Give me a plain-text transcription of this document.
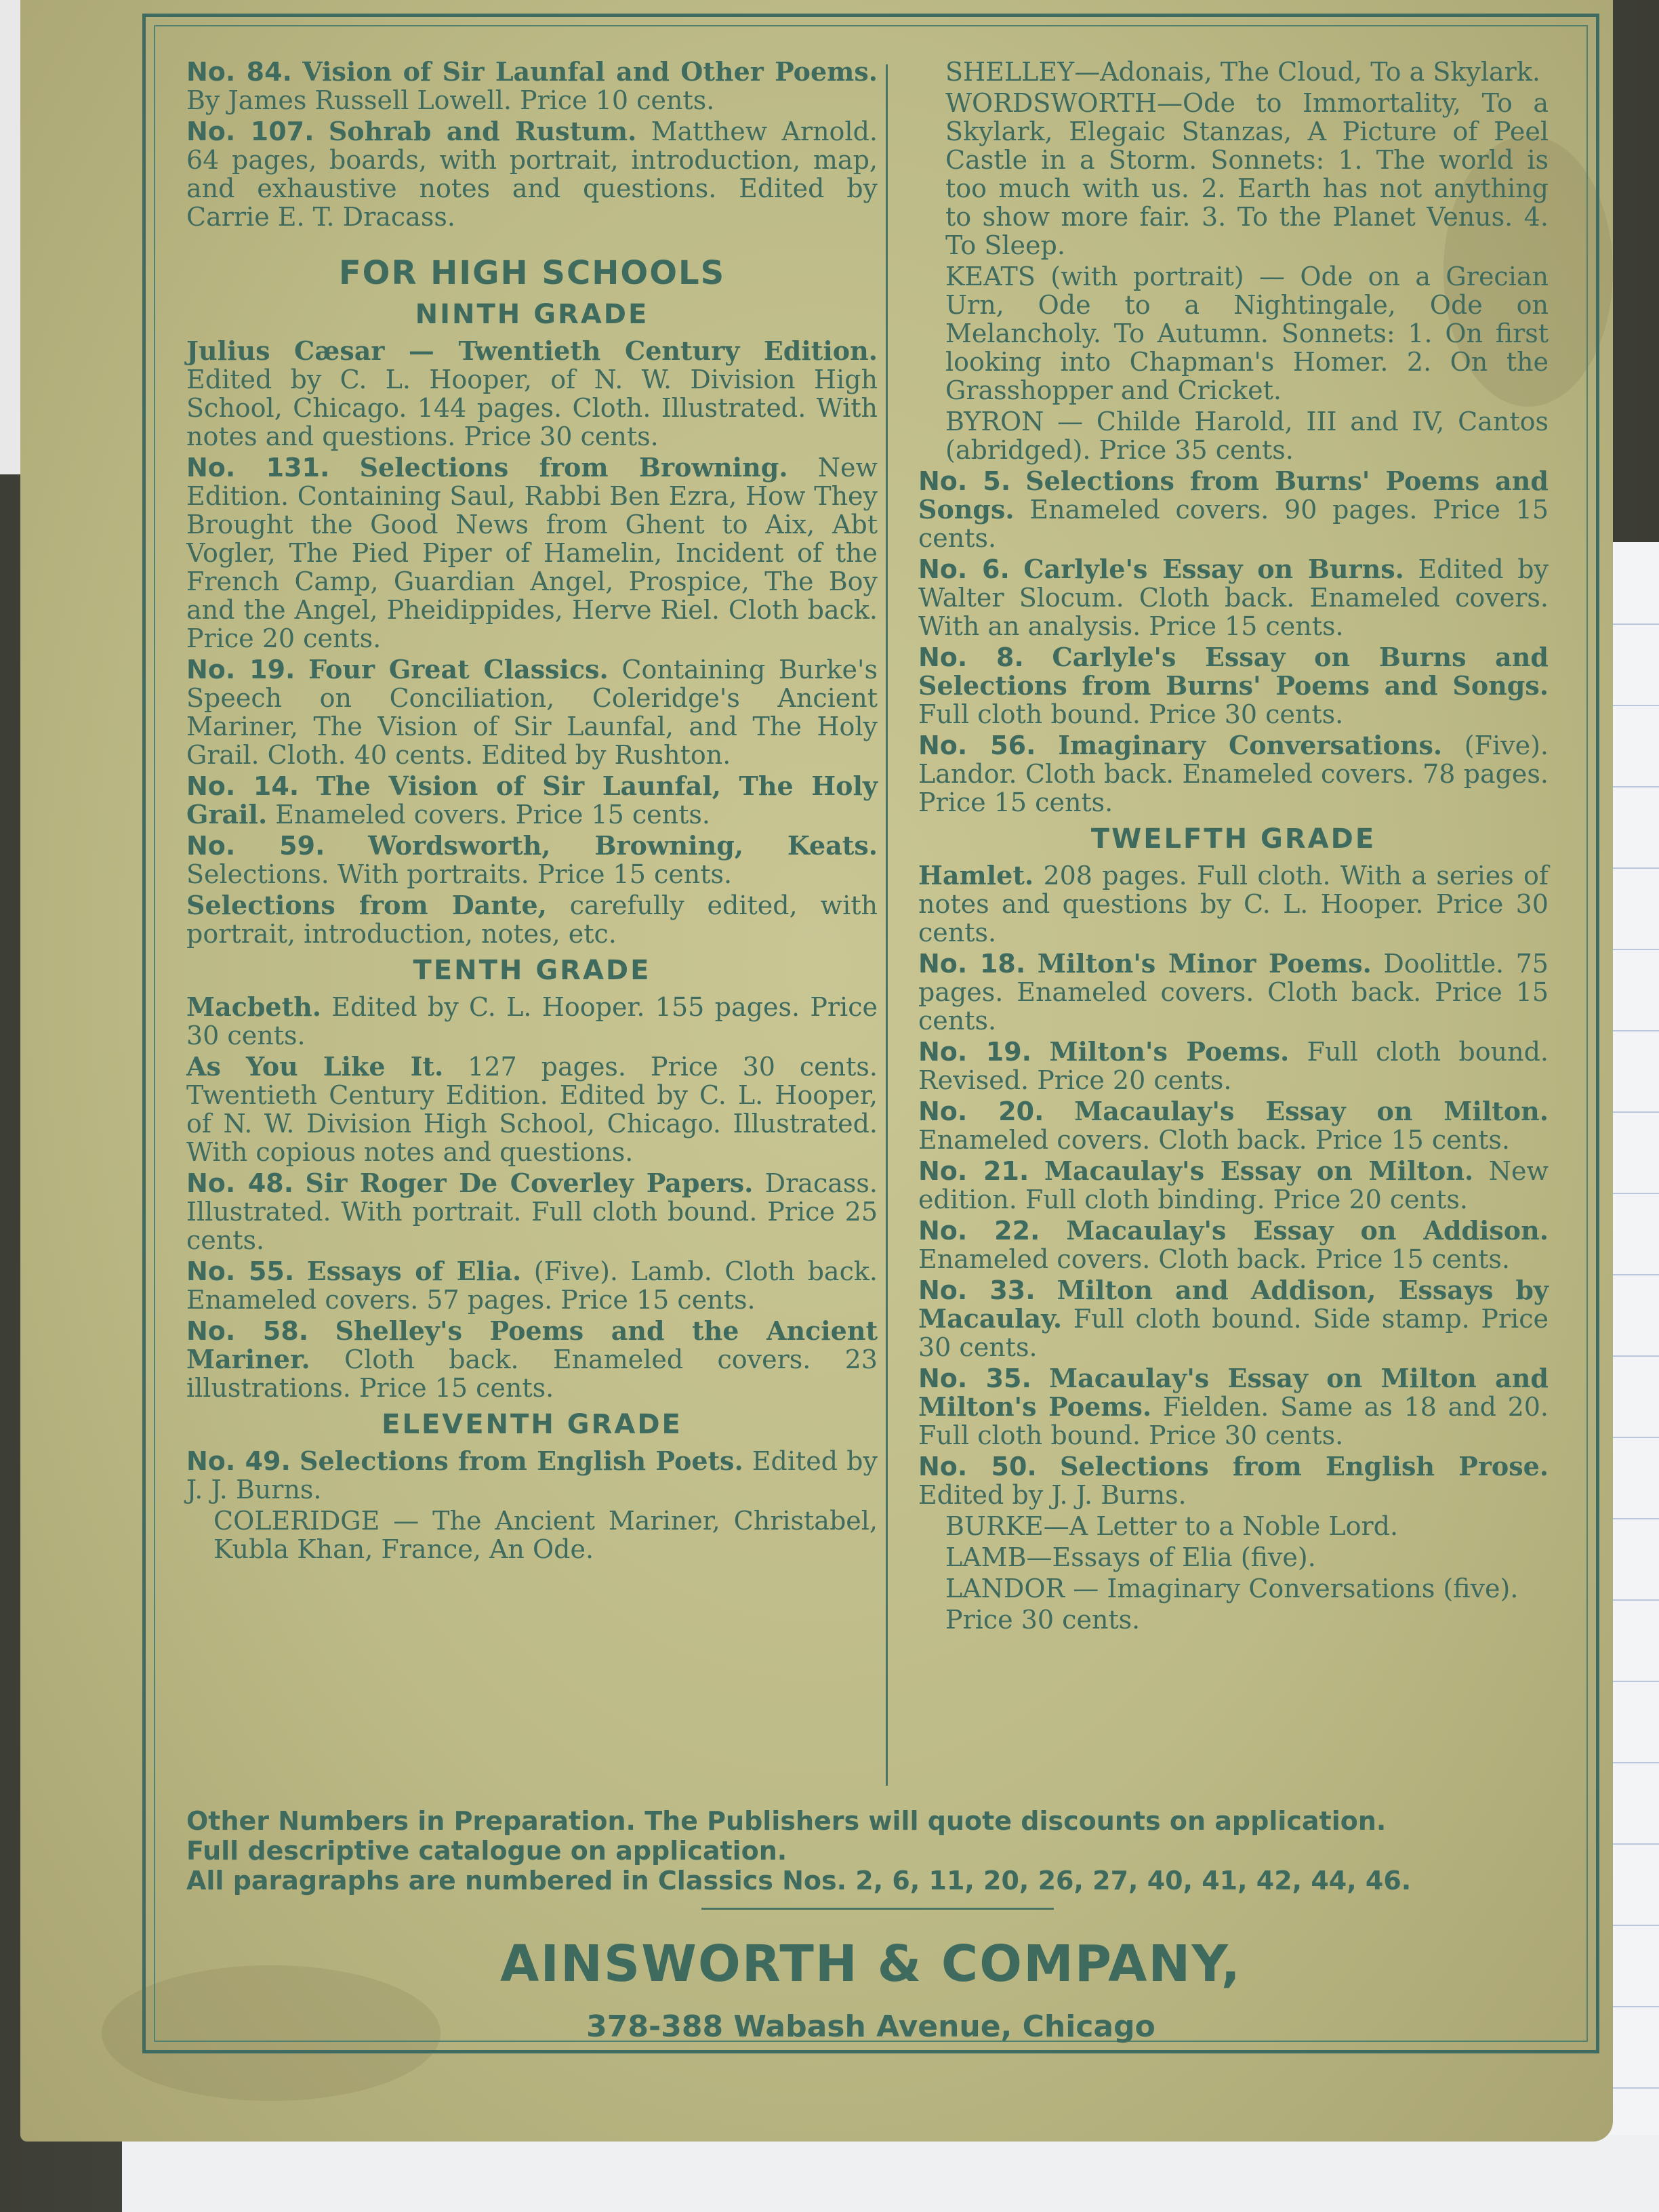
No. 84. Vision of Sir Launfal and Other Poems. By James Russell Lowell. Price 10 cents.
No. 107. Sohrab and Rustum. Matthew Arnold. 64 pages, boards, with portrait, introduction, map, and exhaustive notes and questions. Edited by Carrie E. T. Dracass.
FOR HIGH SCHOOLS
NINTH GRADE
Julius Cæsar — Twentieth Century Edition. Edited by C. L. Hooper, of N. W. Division High School, Chicago. 144 pages. Cloth. Illustrated. With notes and questions. Price 30 cents.
No. 131. Selections from Browning. New Edition. Containing Saul, Rabbi Ben Ezra, How They Brought the Good News from Ghent to Aix, Abt Vogler, The Pied Piper of Hamelin, Incident of the French Camp, Guardian Angel, Prospice, The Boy and the Angel, Pheidippides, Herve Riel. Cloth back. Price 20 cents.
No. 19. Four Great Classics. Containing Burke's Speech on Conciliation, Coleridge's Ancient Mariner, The Vision of Sir Launfal, and The Holy Grail. Cloth. 40 cents. Edited by Rushton.
No. 14. The Vision of Sir Launfal, The Holy Grail. Enameled covers. Price 15 cents.
No. 59. Wordsworth, Browning, Keats. Selections. With portraits. Price 15 cents.
Selections from Dante, carefully edited, with portrait, introduction, notes, etc.
TENTH GRADE
Macbeth. Edited by C. L. Hooper. 155 pages. Price 30 cents.
As You Like It. 127 pages. Price 30 cents. Twentieth Century Edition. Edited by C. L. Hooper, of N. W. Division High School, Chicago. Illustrated. With copious notes and questions.
No. 48. Sir Roger De Coverley Papers. Dracass. Illustrated. With portrait. Full cloth bound. Price 25 cents.
No. 55. Essays of Elia. (Five). Lamb. Cloth back. Enameled covers. 57 pages. Price 15 cents.
No. 58. Shelley's Poems and the Ancient Mariner. Cloth back. Enameled covers. 23 illustrations. Price 15 cents.
ELEVENTH GRADE
No. 49. Selections from English Poets. Edited by J. J. Burns.
COLERIDGE — The Ancient Mariner, Christabel, Kubla Khan, France, An Ode.
SHELLEY—Adonais, The Cloud, To a Skylark.
WORDSWORTH—Ode to Immortality, To a Skylark, Elegaic Stanzas, A Picture of Peel Castle in a Storm. Sonnets: 1. The world is too much with us. 2. Earth has not anything to show more fair. 3. To the Planet Venus. 4. To Sleep.
KEATS (with portrait) — Ode on a Grecian Urn, Ode to a Nightingale, Ode on Melancholy. To Autumn. Sonnets: 1. On first looking into Chapman's Homer. 2. On the Grasshopper and Cricket.
BYRON — Childe Harold, III and IV, Cantos (abridged). Price 35 cents.
No. 5. Selections from Burns' Poems and Songs. Enameled covers. 90 pages. Price 15 cents.
No. 6. Carlyle's Essay on Burns. Edited by Walter Slocum. Cloth back. Enameled covers. With an analysis. Price 15 cents.
No. 8. Carlyle's Essay on Burns and Selections from Burns' Poems and Songs. Full cloth bound. Price 30 cents.
No. 56. Imaginary Conversations. (Five). Landor. Cloth back. Enameled covers. 78 pages. Price 15 cents.
TWELFTH GRADE
Hamlet. 208 pages. Full cloth. With a series of notes and questions by C. L. Hooper. Price 30 cents.
No. 18. Milton's Minor Poems. Doolittle. 75 pages. Enameled covers. Cloth back. Price 15 cents.
No. 19. Milton's Poems. Full cloth bound. Revised. Price 20 cents.
No. 20. Macaulay's Essay on Milton. Enameled covers. Cloth back. Price 15 cents.
No. 21. Macaulay's Essay on Milton. New edition. Full cloth binding. Price 20 cents.
No. 22. Macaulay's Essay on Addison. Enameled covers. Cloth back. Price 15 cents.
No. 33. Milton and Addison, Essays by Macaulay. Full cloth bound. Side stamp. Price 30 cents.
No. 35. Macaulay's Essay on Milton and Milton's Poems. Fielden. Same as 18 and 20. Full cloth bound. Price 30 cents.
No. 50. Selections from English Prose. Edited by J. J. Burns.
BURKE—A Letter to a Noble Lord.
LAMB—Essays of Elia (five).
LANDOR — Imaginary Conversations (five).
Price 30 cents.
Other Numbers in Preparation. The Publishers will quote discounts on application.
Full descriptive catalogue on application.
All paragraphs are numbered in Classics Nos. 2, 6, 11, 20, 26, 27, 40, 41, 42, 44, 46.
AINSWORTH & COMPANY,
378-388 Wabash Avenue, Chicago
